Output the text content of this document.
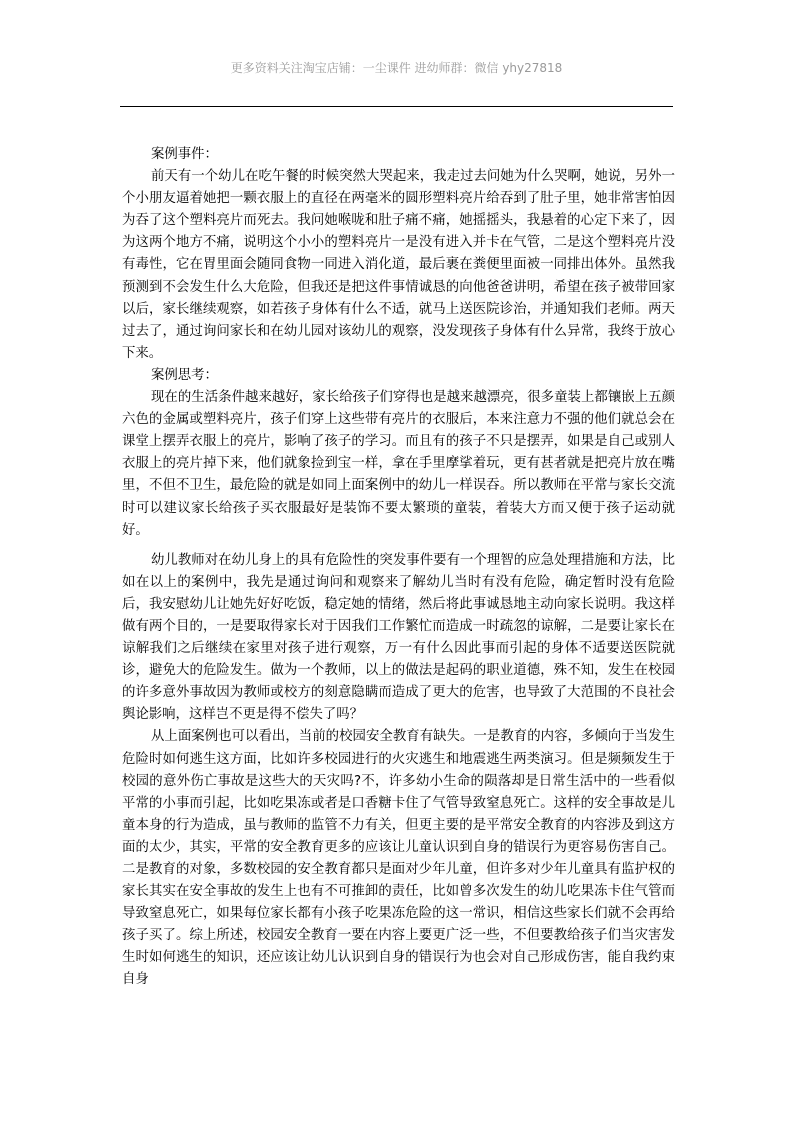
更多资料关注淘宝店铺：一尘课件 进幼师群：微信 yhy27818

案例事件：

前天有一个幼儿在吃午餐的时候突然大哭起来，我走过去问她为什么哭啊，她说，另外一个小朋友逼着她把一颗衣服上的直径在两毫米的圆形塑料亮片给吞到了肚子里，她非常害怕因为吞了这个塑料亮片而死去。我问她喉咙和肚子痛不痛，她摇摇头，我悬着的心定下来了，因为这两个地方不痛，说明这个小小的塑料亮片一是没有进入并卡在气管，二是这个塑料亮片没有毒性，它在胃里面会随同食物一同进入消化道，最后裹在粪便里面被一同排出体外。虽然我预测到不会发生什么大危险，但我还是把这件事情诚恳的向他爸爸讲明，希望在孩子被带回家以后，家长继续观察，如若孩子身体有什么不适，就马上送医院诊治，并通知我们老师。两天过去了，通过询问家长和在幼儿园对该幼儿的观察，没发现孩子身体有什么异常，我终于放心下来。

案例思考：

现在的生活条件越来越好，家长给孩子们穿得也是越来越漂亮，很多童装上都镶嵌上五颜六色的金属或塑料亮片，孩子们穿上这些带有亮片的衣服后，本来注意力不强的他们就总会在课堂上摆弄衣服上的亮片，影响了孩子的学习。而且有的孩子不只是摆弄，如果是自己或别人衣服上的亮片掉下来，他们就象捡到宝一样，拿在手里摩挲着玩，更有甚者就是把亮片放在嘴里，不但不卫生，最危险的就是如同上面案例中的幼儿一样误吞。所以教师在平常与家长交流时可以建议家长给孩子买衣服最好是装饰不要太繁琐的童装，着装大方而又便于孩子运动就好。

幼儿教师对在幼儿身上的具有危险性的突发事件要有一个理智的应急处理措施和方法，比如在以上的案例中，我先是通过询问和观察来了解幼儿当时有没有危险，确定暂时没有危险后，我安慰幼儿让她先好好吃饭，稳定她的情绪，然后将此事诚恳地主动向家长说明。我这样做有两个目的，一是要取得家长对于因我们工作繁忙而造成一时疏忽的谅解，二是要让家长在谅解我们之后继续在家里对孩子进行观察，万一有什么因此事而引起的身体不适要送医院就诊，避免大的危险发生。做为一个教师，以上的做法是起码的职业道德，殊不知，发生在校园的许多意外事故因为教师或校方的刻意隐瞒而造成了更大的危害，也导致了大范围的不良社会舆论影响，这样岂不更是得不偿失了吗？

从上面案例也可以看出，当前的校园安全教育有缺失。一是教育的内容，多倾向于当发生危险时如何逃生这方面，比如许多校园进行的火灾逃生和地震逃生两类演习。但是频频发生于校园的意外伤亡事故是这些大的天灾吗?不，许多幼小生命的陨落却是日常生活中的一些看似平常的小事而引起，比如吃果冻或者是口香糖卡住了气管导致窒息死亡。这样的安全事故是儿童本身的行为造成，虽与教师的监管不力有关，但更主要的是平常安全教育的内容涉及到这方面的太少，其实，平常的安全教育更多的应该让儿童认识到自身的错误行为更容易伤害自己。二是教育的对象，多数校园的安全教育都只是面对少年儿童，但许多对少年儿童具有监护权的家长其实在安全事故的发生上也有不可推卸的责任，比如曾多次发生的幼儿吃果冻卡住气管而导致窒息死亡，如果每位家长都有小孩子吃果冻危险的这一常识，相信这些家长们就不会再给孩子买了。综上所述，校园安全教育一要在内容上要更广泛一些，不但要教给孩子们当灾害发生时如何逃生的知识，还应该让幼儿认识到自身的错误行为也会对自己形成伤害，能自我约束自身
